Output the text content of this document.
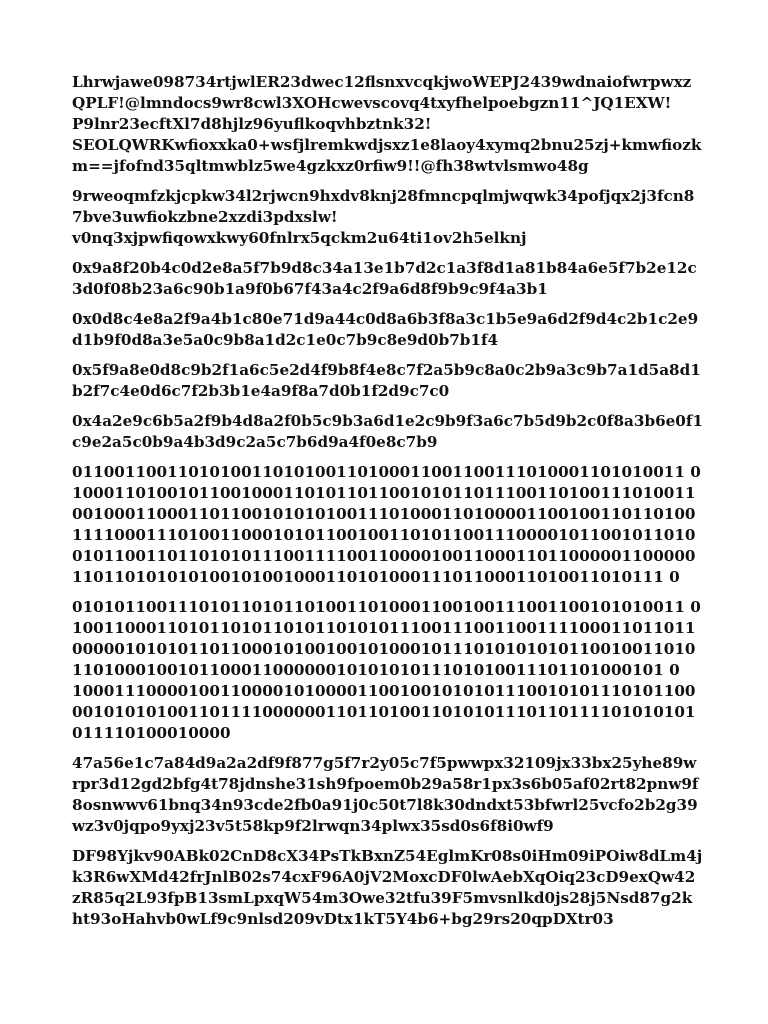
Lhrwjawe098734rtjwlER23dwec12flsnxvcqkjwoWEPJ2439wdnaiofwrpwxz
QPLF!@lmndocs9wr8cwl3XOHcwevscovq4txyfhelpoebgzn11^JQ1EXW!
P9lnr23ecftXl7d8hjlz96yuflkoqvhbztnk32!
SEOLQWRKwfioxxka0+wsfjlremkwdjsxz1e8laoy4xymq2bnu25zj+kmwfiozk
m==jfofnd35qltmwblz5we4gzkxz0rfiw9!!@fh38wtvlsmwo48g
9rweoqmfzkjcpkw34l2rjwcn9hxdv8knj28fmncpqlmjwqwk34pofjqx2j3fcn8
7bve3uwfiokzbne2xzdi3pdxslw!
v0nq3xjpwfiqowxkwy60fnlrx5qckm2u64ti1ov2h5elknj
0x9a8f20b4c0d2e8a5f7b9d8c34a13e1b7d2c1a3f8d1a81b84a6e5f7b2e12c
3d0f08b23a6c90b1a9f0b67f43a4c2f9a6d8f9b9c9f4a3b1
0x0d8c4e8a2f9a4b1c80e71d9a44c0d8a6b3f8a3c1b5e9a6d2f9d4c2b1c2e9
d1b9f0d8a3e5a0c9b8a1d2c1e0c7b9c8e9d0b7b1f4
0x5f9a8e0d8c9b2f1a6c5e2d4f9b8f4e8c7f2a5b9c8a0c2b9a3c9b7a1d5a8d1
b2f7c4e0d6c7f2b3b1e4a9f8a7d0b1f2d9c7c0
0x4a2e9c6b5a2f9b4d8a2f0b5c9b3a6d1e2c9b9f3a6c7b5d9b2c0f8a3b6e0f1
c9e2a5c0b9a4b3d9c2a5c7b6d9a4f0e8c7b9
0110011001101010011010100110100011001100111010001101010011 0
10001101001011001000110101101100101011011100110100111010011
00100011000110110010101010011101000110100001100100110110100
11110001110100110001010110010011010110011100001011001011010
01011001101101010111001111001100001001100011011000001100000
11011010101010010100100011010100011101100011010011010111 0
0101011001110101101011010011010001100100111001100101010011 0
10011000110101101011010110101011100111001100111100011011011
00000101010110110001010010010100010111010101010110010011010
11010001001011000110000001010101011101010011101101000101 0
10001110000100110000101000011001001010101110010101110101100
00101010100110111100000011011010011010101110110111101010101
011110100010000
47a56e1c7a84d9a2a2df9f877g5f7r2y05c7f5pwwpx32109jx33bx25yhe89w
rpr3d12gd2bfg4t78jdnshe31sh9fpoem0b29a58r1px3s6b05af02rt82pnw9f
8osnwwv61bnq34n93cde2fb0a91j0c50t7l8k30dndxt53bfwrl25vcfo2b2g39
wz3v0jqpo9yxj23v5t58kp9f2lrwqn34plwx35sd0s6f8i0wf9
DF98Yjkv90ABk02CnD8cX34PsTkBxnZ54EglmKr08s0iHm09iPOiw8dLm4j
k3R6wXMd42frJnlB02s74cxF96A0jV2MoxcDF0lwAebXqOiq23cD9exQw42
zR85q2L93fpB13smLpxqW54m3Owe32tfu39F5mvsnlkd0js28j5Nsd87g2k
ht93oHahvb0wLf9c9nlsd209vDtx1kT5Y4b6+bg29rs20qpDXtr03
